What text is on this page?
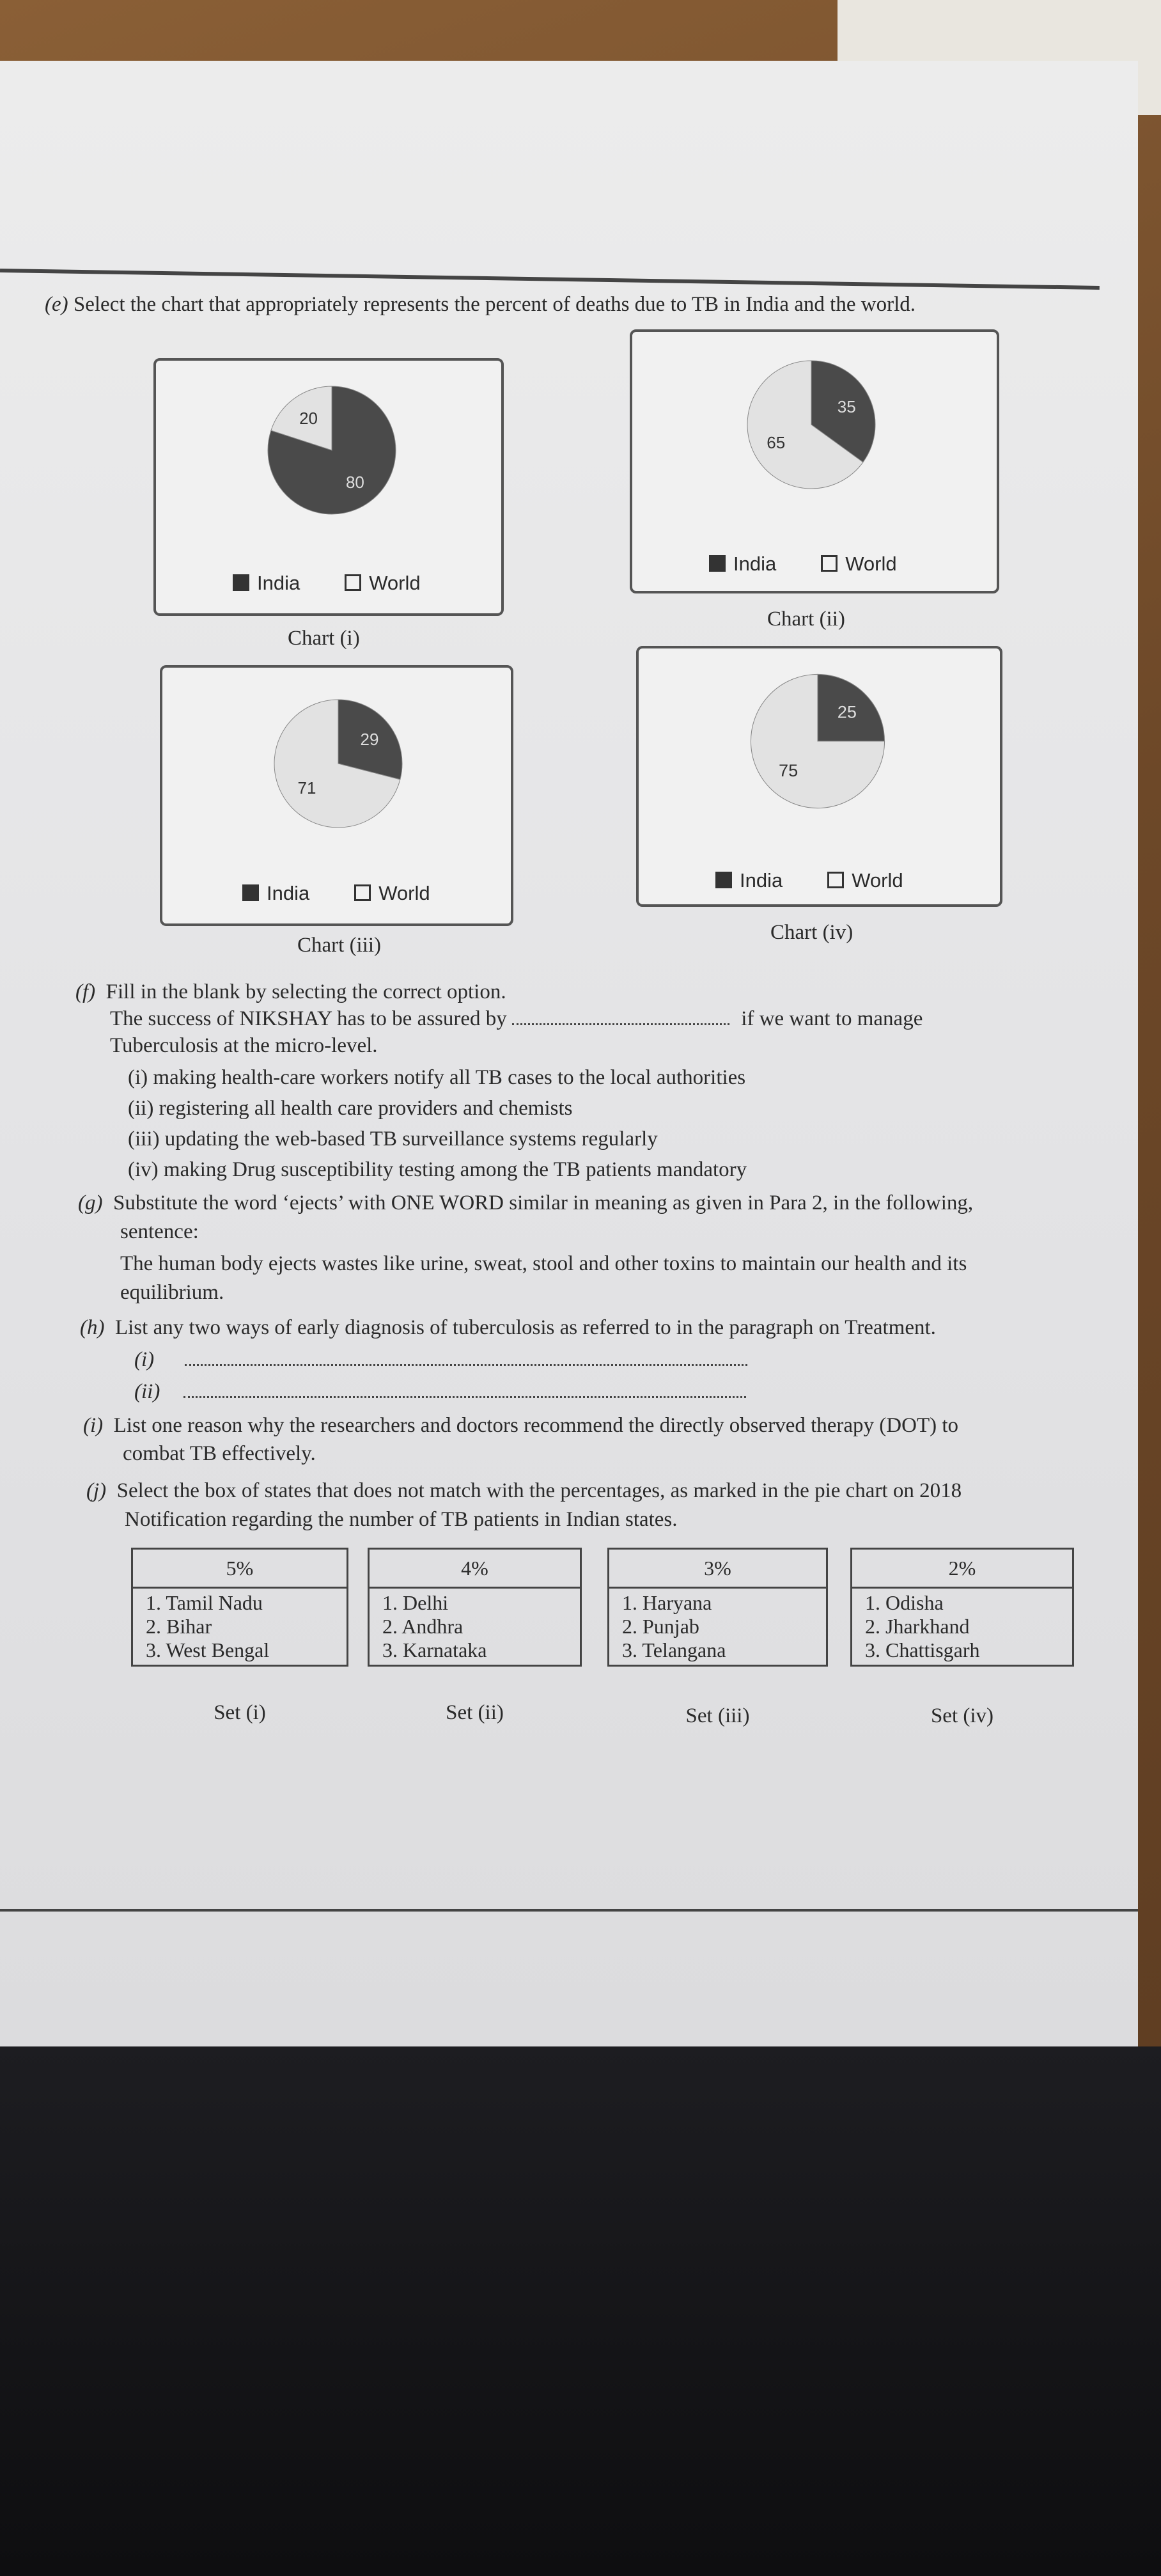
(e) Select the chart that appropriately represents the percent of deaths due to TB in India and the world.
80
20
India	World
Chart (i)
35
65
India	World
Chart (ii)
29
71
India	World
Chart (iii)
25
75
India	World
Chart (iv)
(f) Fill in the blank by selecting the correct option.
The success of NIKSHAY has to be assured by	if we want to manage
Tuberculosis at the micro-level.
(i) making health-care workers notify all TB cases to the local authorities
(ii) registering all health care providers and chemists
(iii) updating the web-based TB surveillance systems regularly
(iv) making Drug susceptibility testing among the TB patients mandatory
(g) Substitute the word ‘ejects’ with ONE WORD similar in meaning as given in Para 2, in the following,
sentence:
The human body ejects wastes like urine, sweat, stool and other toxins to maintain our health and its
equilibrium.
(h) List any two ways of early diagnosis of tuberculosis as referred to in the paragraph on Treatment.
(i)
(ii)
(i) List one reason why the researchers and doctors recommend the directly observed therapy (DOT) to
combat TB effectively.
(j) Select the box of states that does not match with the percentages, as marked in the pie chart on 2018
Notification regarding the number of TB patients in Indian states.
5%

1. Tamil Nadu
2. Bihar
3. West Bengal
Set (i)
4%

1. Delhi
2. Andhra
3. Karnataka
Set (ii)
3%

1. Haryana
2. Punjab
3. Telangana
Set (iii)
2%

1. Odisha
2. Jharkhand
3. Chattisgarh
Set (iv)
